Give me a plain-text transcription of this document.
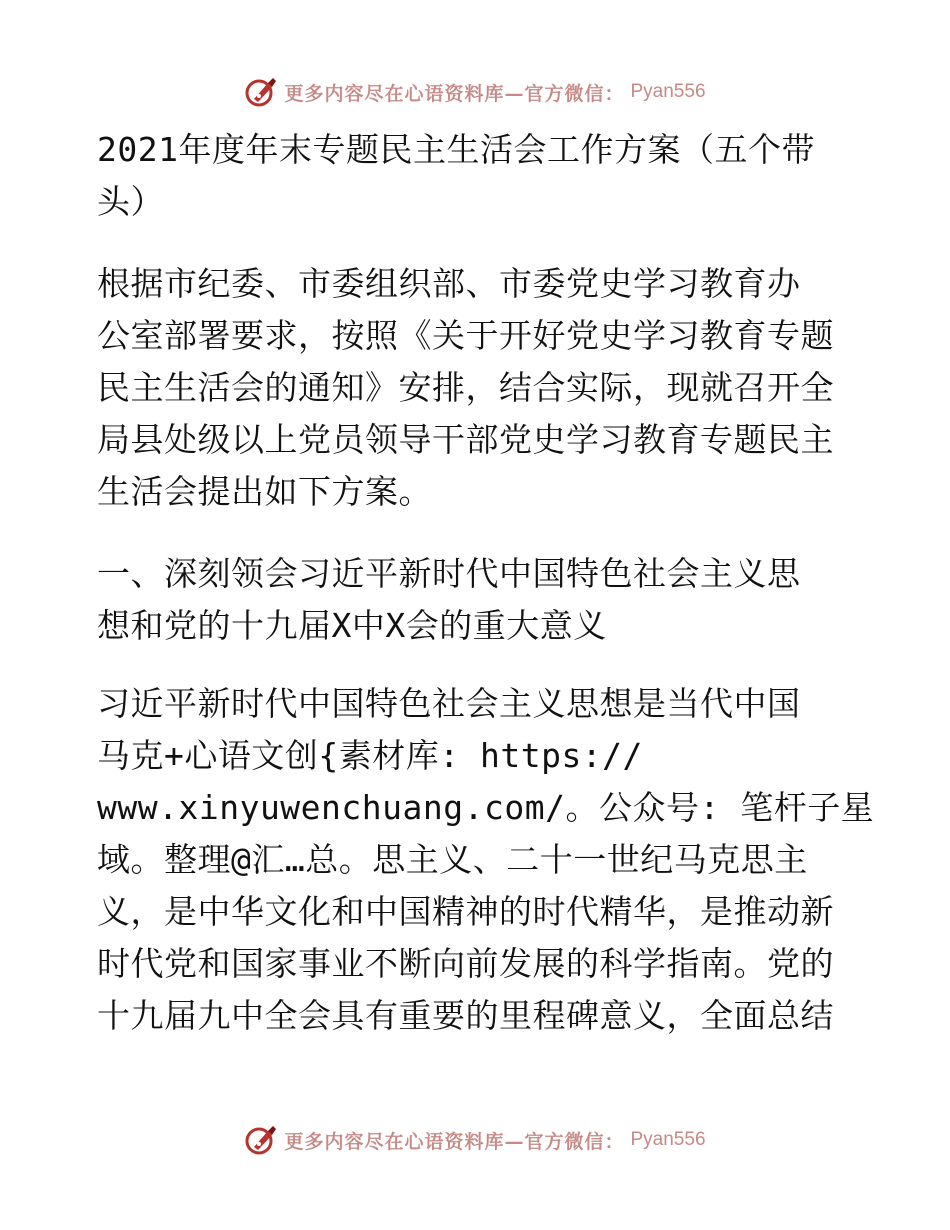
更多内容尽在心语资料库—官方微信： Pyan556
2021年度年末专题民主生活会工作方案（五个带
头）
根据市纪委、市委组织部、市委党史学习教育办
公室部署要求，按照《关于开好党史学习教育专题
民主生活会的通知》安排，结合实际，现就召开全
局县处级以上党员领导干部党史学习教育专题民主
生活会提出如下方案。
一、深刻领会习近平新时代中国特色社会主义思
想和党的十九届X中X会的重大意义
习近平新时代中国特色社会主义思想是当代中国
马克+心语文创{素材库: https://
www.xinyuwenchuang.com/。公众号: 笔杆子星
域。整理@汇…总。思主义、二十一世纪马克思主
义，是中华文化和中国精神的时代精华，是推动新
时代党和国家事业不断向前发展的科学指南。党的
十九届九中全会具有重要的里程碑意义，全面总结
更多内容尽在心语资料库—官方微信： Pyan556
